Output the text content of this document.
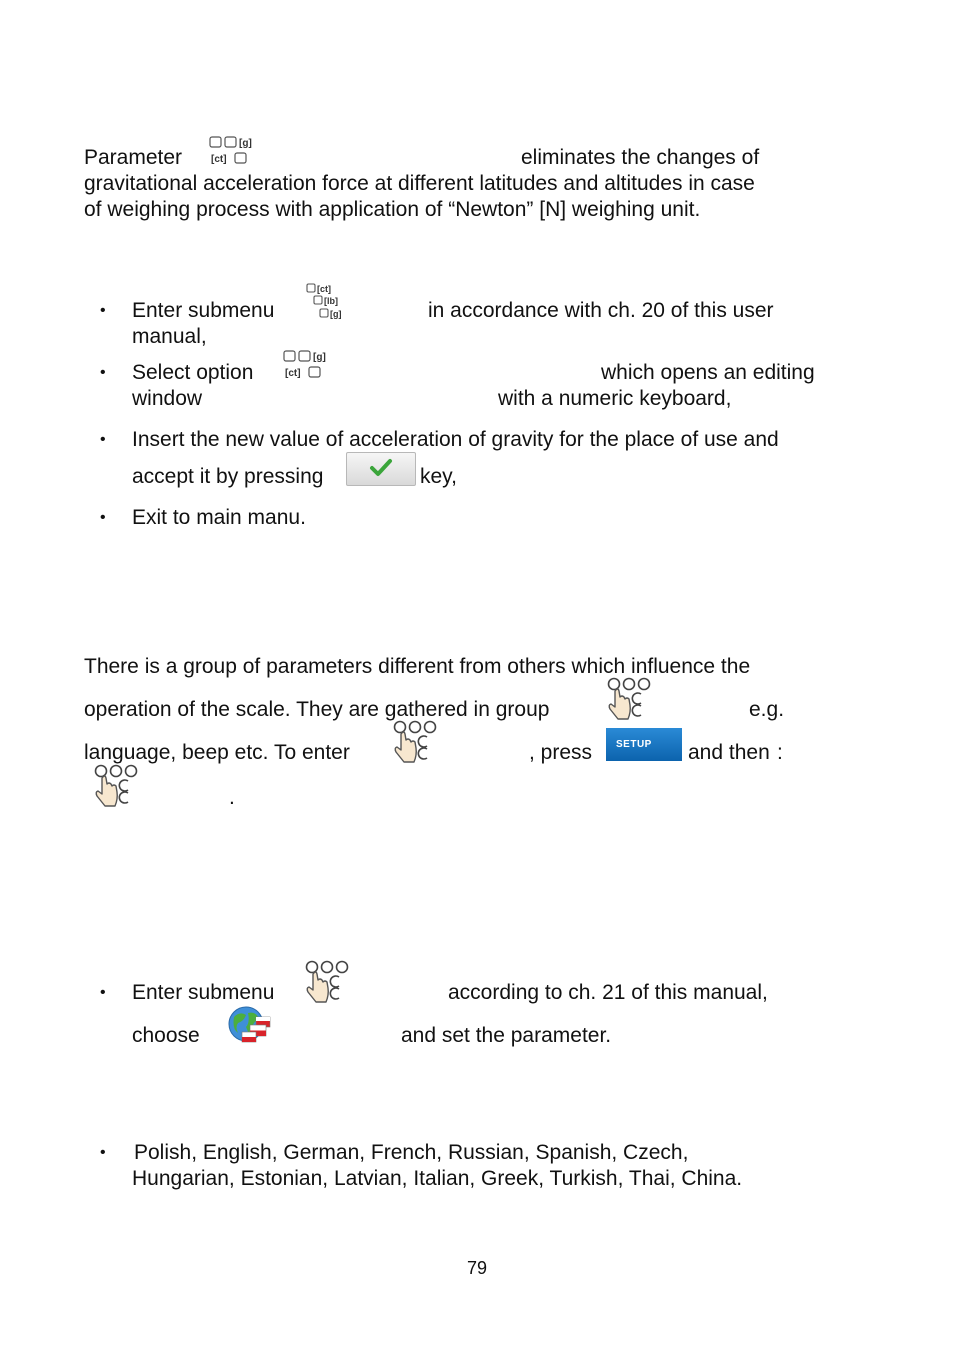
Parameter
[g]
[ct]	eliminates the changes of
gravitational acceleration force at different latitudes and altitudes in case
of weighing process with application of “Newton” [N] weighing unit.
• Enter submenu
[ct]
[lb]
[g]	in accordance with ch. 20 of this user
manual,
• Select option
[g]
[ct]	which opens an editing
window	with a numeric keyboard,
• Insert the new value of acceleration of gravity for the place of use and
accept it by pressing	key,
• Exit to main manu.
There is a group of parameters different from others which influence the
operation of the scale. They are gathered in group	e.g.
language, beep etc. To enter	, press	SETUP	and then :
.
• Enter submenu	according to ch. 21 of this manual,
choose	and set the parameter.
• Polish, English, German, French, Russian, Spanish, Czech,
Hungarian, Estonian, Latvian, Italian, Greek, Turkish, Thai, China.
79
